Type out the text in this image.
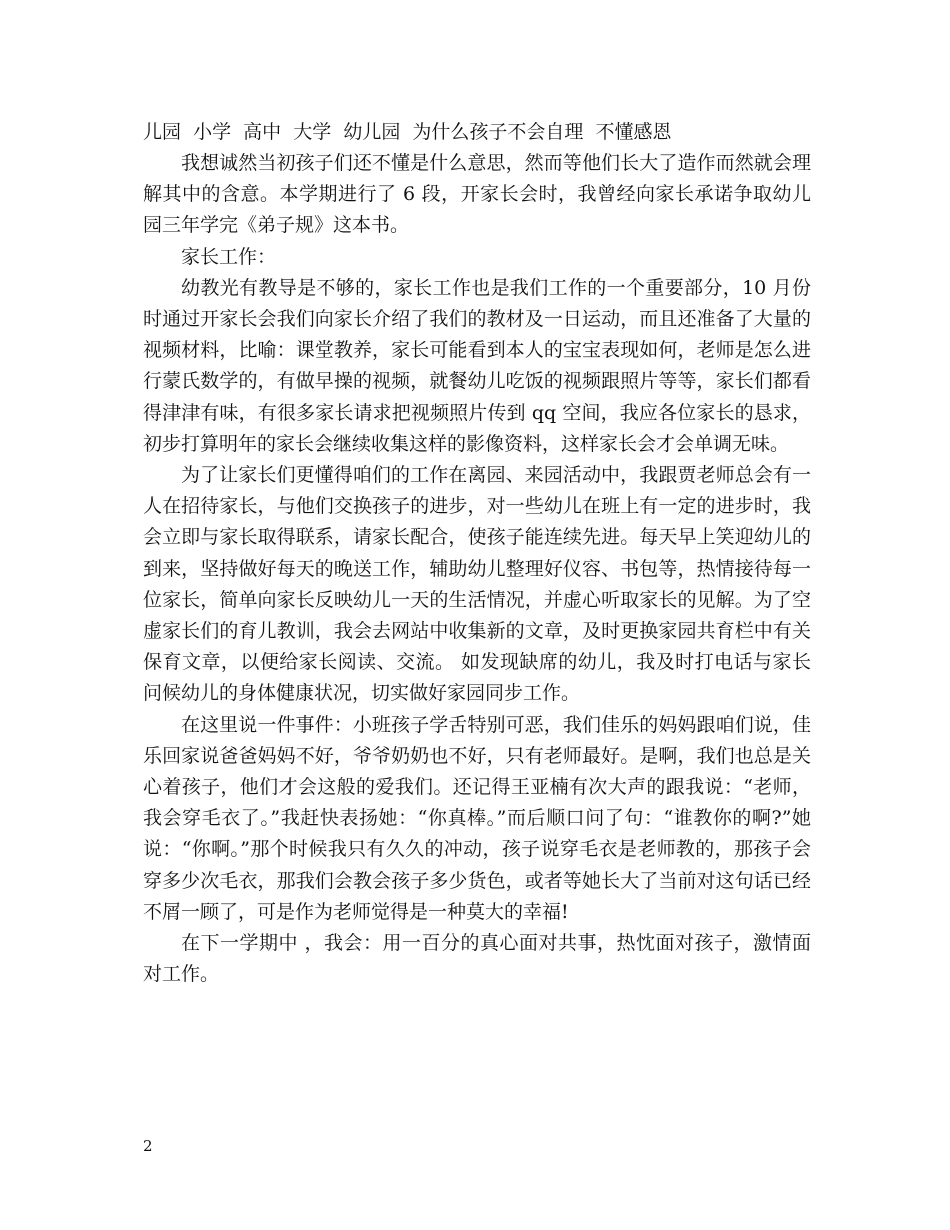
儿园  小学  高中  大学  幼儿园  为什么孩子不会自理  不懂感恩

我想诚然当初孩子们还不懂是什么意思，然而等他们长大了造作而然就会理解其中的含意。本学期进行了 6 段，开家长会时，我曾经向家长承诺争取幼儿园三年学完《弟子规》这本书。

家长工作：

幼教光有教导是不够的，家长工作也是我们工作的一个重要部分，10 月份时通过开家长会我们向家长介绍了我们的教材及一日运动，而且还准备了大量的视频材料，比喻：课堂教养，家长可能看到本人的宝宝表现如何，老师是怎么进行蒙氏数学的，有做早操的视频，就餐幼儿吃饭的视频跟照片等等，家长们都看得津津有味，有很多家长请求把视频照片传到 qq 空间，我应各位家长的恳求，初步打算明年的家长会继续收集这样的影像资料，这样家长会才会单调无味。

为了让家长们更懂得咱们的工作在离园、来园活动中，我跟贾老师总会有一人在招待家长，与他们交换孩子的进步，对一些幼儿在班上有一定的进步时，我会立即与家长取得联系，请家长配合，使孩子能连续先进。每天早上笑迎幼儿的到来，坚持做好每天的晚送工作，辅助幼儿整理好仪容、书包等，热情接待每一位家长，简单向家长反映幼儿一天的生活情况，并虚心听取家长的见解。为了空虚家长们的育儿教训，我会去网站中收集新的文章，及时更换家园共育栏中有关保育文章，以便给家长阅读、交流。 如发现缺席的幼儿，我及时打电话与家长问候幼儿的身体健康状况，切实做好家园同步工作。

在这里说一件事件：小班孩子学舌特别可恶，我们佳乐的妈妈跟咱们说，佳乐回家说爸爸妈妈不好，爷爷奶奶也不好，只有老师最好。是啊，我们也总是关心着孩子，他们才会这般的爱我们。还记得王亚楠有次大声的跟我说：“老师，我会穿毛衣了。”我赶快表扬她：“你真棒。”而后顺口问了句：“谁教你的啊?”她说：“你啊。”那个时候我只有久久的冲动，孩子说穿毛衣是老师教的，那孩子会穿多少次毛衣，那我们会教会孩子多少货色，或者等她长大了当前对这句话已经不屑一顾了，可是作为老师觉得是一种莫大的幸福!

在下一学期中 ，我会：用一百分的真心面对共事，热忱面对孩子，激情面对工作。

2
